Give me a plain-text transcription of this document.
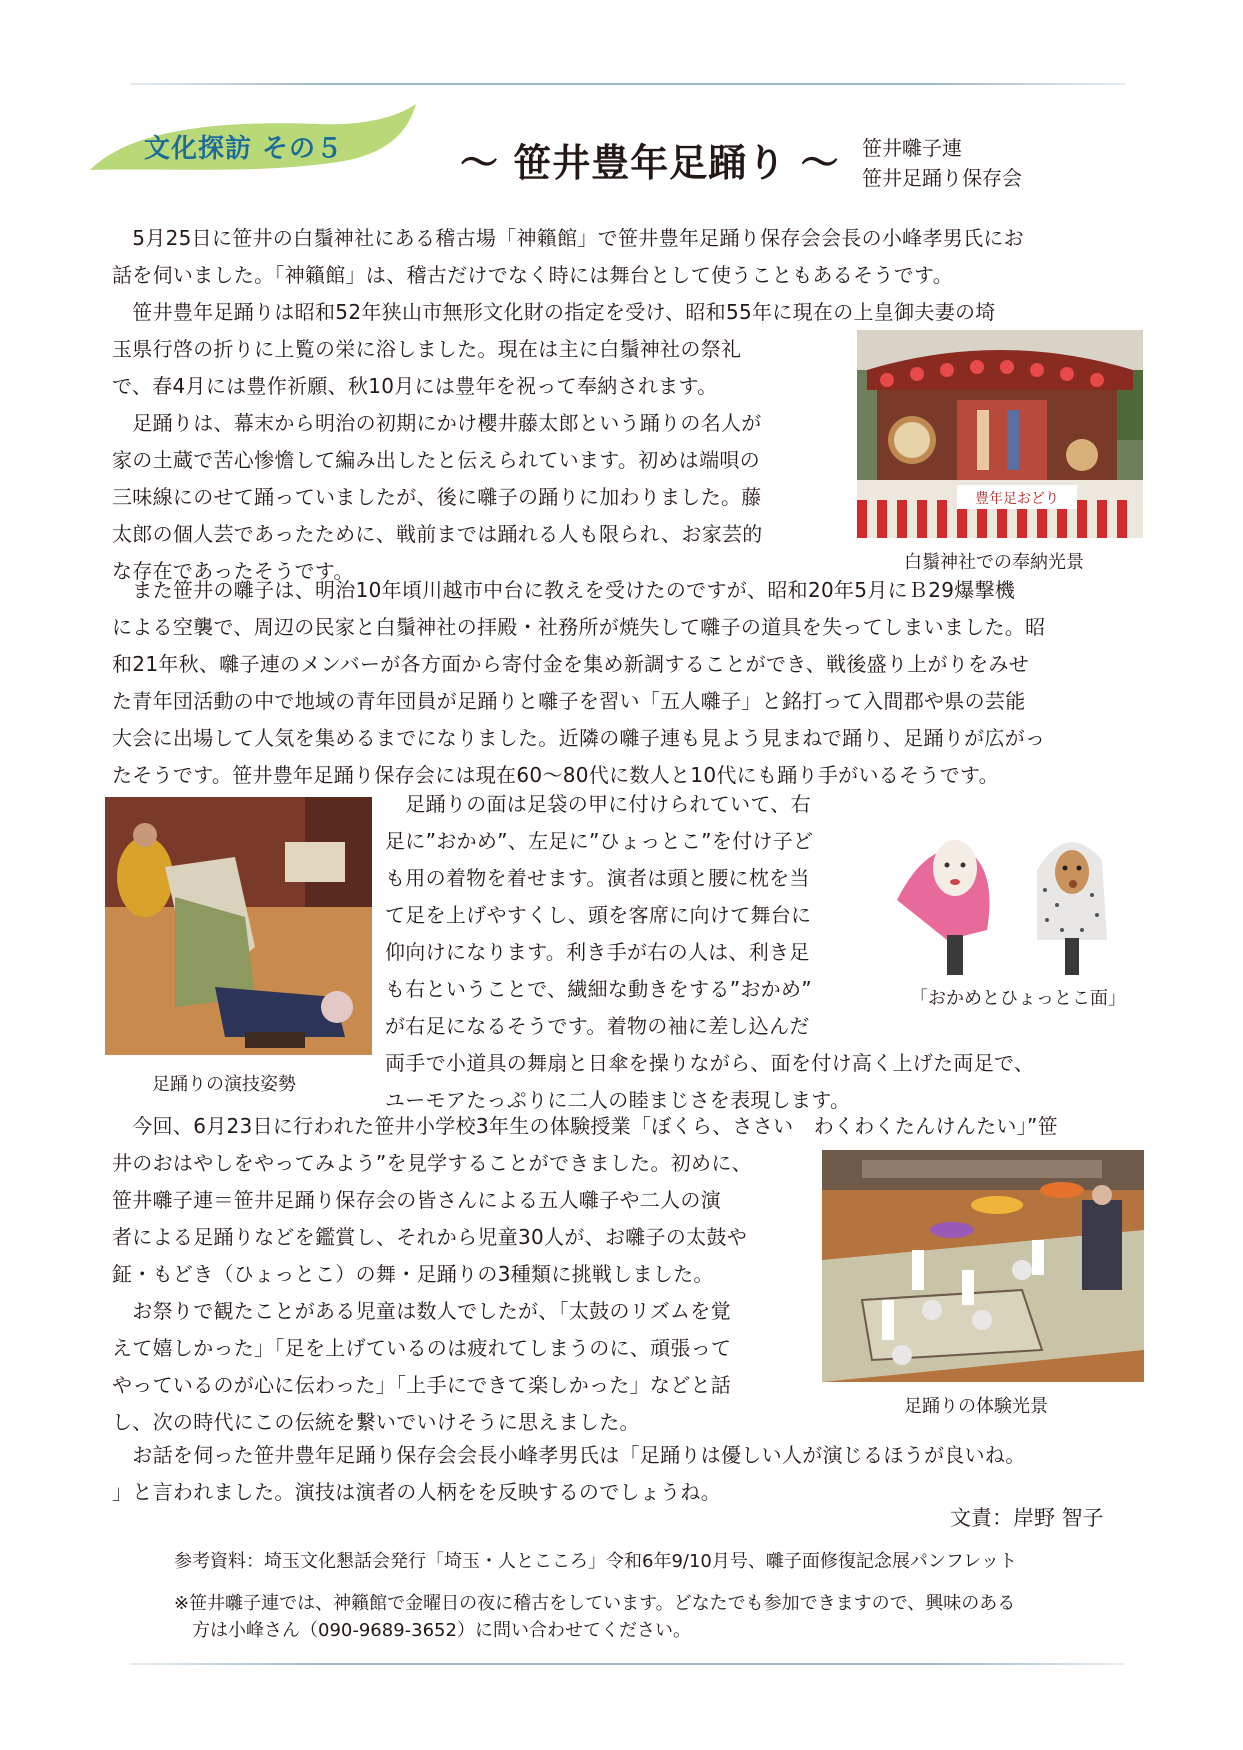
文化探訪 その５	～ 笹井豊年足踊り ～ 笹井囃子連
笹井足踊り保存会
　5月25日に笹井の白鬚神社にある稽古場「神籟館」で笹井豊年足踊り保存会会長の小峰孝男氏にお
話を伺いました。「神籟館」は、稽古だけでなく時には舞台として使うこともあるそうです。
　笹井豊年足踊りは昭和52年狭山市無形文化財の指定を受け、昭和55年に現在の上皇御夫妻の埼
玉県行啓の折りに上覧の栄に浴しました。現在は主に白鬚神社の祭礼
で、春4月には豊作祈願、秋10月には豊年を祝って奉納されます。
　足踊りは、幕末から明治の初期にかけ櫻井藤太郎という踊りの名人が
家の土蔵で苦心惨憺して編み出したと伝えられています。初めは端唄の
三味線にのせて踊っていましたが、後に囃子の踊りに加わりました。藤
太郎の個人芸であったために、戦前までは踊れる人も限られ、お家芸的
な存在であったそうです。
豊年足おどり
白鬚神社での奉納光景
　また笹井の囃子は、明治10年頃川越市中台に教えを受けたのですが、昭和20年5月にＢ29爆撃機
による空襲で、周辺の民家と白鬚神社の拝殿・社務所が焼失して囃子の道具を失ってしまいました。昭
和21年秋、囃子連のメンバーが各方面から寄付金を集め新調することができ、戦後盛り上がりをみせ
た青年団活動の中で地域の青年団員が足踊りと囃子を習い「五人囃子」と銘打って入間郡や県の芸能
大会に出場して人気を集めるまでになりました。近隣の囃子連も見よう見まねで踊り、足踊りが広がっ
たそうです。笹井豊年足踊り保存会には現在60～80代に数人と10代にも踊り手がいるそうです。
足踊りの演技姿勢
　足踊りの面は足袋の甲に付けられていて、右
足に”おかめ”、左足に”ひょっとこ”を付け子ど
も用の着物を着せます。演者は頭と腰に枕を当
て足を上げやすくし、頭を客席に向けて舞台に
仰向けになります。利き手が右の人は、利き足
も右ということで、繊細な動きをする”おかめ”
が右足になるそうです。着物の袖に差し込んだ
両手で小道具の舞扇と日傘を操りながら、面を付け高く上げた両足で、
ユーモアたっぷりに二人の睦まじさを表現します。
「おかめとひょっとこ面」
　今回、6月23日に行われた笹井小学校3年生の体験授業「ぼくら、ささい　わくわくたんけんたい」”笹
井のおはやしをやってみよう”を見学することができました。初めに、
笹井囃子連＝笹井足踊り保存会の皆さんによる五人囃子や二人の演
者による足踊りなどを鑑賞し、それから児童30人が、お囃子の太鼓や
鉦・もどき（ひょっとこ）の舞・足踊りの3種類に挑戦しました。
　お祭りで観たことがある児童は数人でしたが、「太鼓のリズムを覚
えて嬉しかった」「足を上げているのは疲れてしまうのに、頑張って
やっているのが心に伝わった」「上手にできて楽しかった」などと話
し、次の時代にこの伝統を繋いでいけそうに思えました。
足踊りの体験光景
　お話を伺った笹井豊年足踊り保存会会長小峰孝男氏は「足踊りは優しい人が演じるほうが良いね。
」と言われました。演技は演者の人柄をを反映するのでしょうね。
文責：岸野 智子
参考資料：埼玉文化懇話会発行「埼玉・人とこころ」令和6年9/10月号、囃子面修復記念展パンフレット
※笹井囃子連では、神籟館で金曜日の夜に稽古をしています。どなたでも参加できますので、興味のある
　方は小峰さん（090-9689-3652）に問い合わせてください。
